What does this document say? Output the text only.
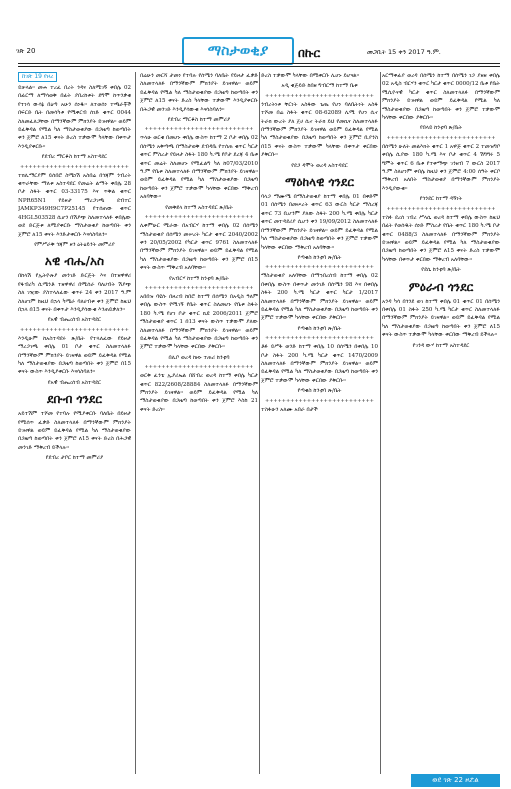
ገጽ 20	ማስታወቂያ	በኩር	መጋቢት 15 ቀን 2017 ዓ.ም.
ከገጽ 19 የዞረ

ይቻላል። መሐ ተረፈ በረት ጎዳና ስለሚገኝ ቀበሌ 02 በፊርማ ለማሳወቅ በፊት ያበረከቱት ደግሞ ከጥንቃቄ የተነሳ ውሳኔ በዕጣ አሁን ሰነዱ። ለተወሰነ ተጫራቾች በፍርድ ቤት በመሳካቱ የሚቀርብ ሰነድ ቁጥር 0044 ስለመፈለጋቸው በማንኛውም ምክንያት ይገዛዋል። ወይም ይፈቅዳል የሚል ካለ ማስታወቂያው በጋዜጣ ከወጣበት ቀን ጀምሮ ለ15 ቀናት ድረስ ተቃውሞ ካላቸው በቀጥታ እንዲያቀርቡ።

የደብረ ማርቆስ ከተማ አስተዳደር
++++++++++++++++++++++++++

ተክሊማርያም ይሰበሮ ስሜነሽ አስበሬ በጎጃም ንብረት ቁጥራቸው ማለቱ አስተዳደር የመሬት ልማት ቀበሌ 28 ቦታ ስፋት ቁጥር 03-33175 እና ጥቅል ቁጥር NPR65N1 የይዞታ ማረጋገጫ ደብተር JAMKP349H9C7P25145 የተሰጠው ቁጥር 4HGL503528 ሲሆን በሽያጭ ስለመተላለፉ ቀበሌው ወደ ድርጅቱ ለሚያቀርቡ ማስታወቂያ ከወጣበት ቀን ጀምሮ ለ15 ቀናት እንድታቀርቡ እናሳስባለን።

የምሥራቅ ጎጃም ዞን ዕትዕይንት መምሪያ
አዊ ብሔ/አስ

በከላሽ የኢትዮጵያ መንገድ ድርጅት እና በተዘዋዋሪ የፋብሪካ ሲሜንቶ ተዘዋዋሪ በሚሰራ ባለሀብት ሽያጭ ስለ ገዢው ያስተላለፈው ቁጥሩ 24 ቀን 2017 ዓ.ም ስለሆነም ከዚህ በኋላ ካሜራ ባለሀብቱ ቀን ጀምሮ ከዚህ በኋላ በ15 ቀናት በቀጥታ እንዲያሳውቁ እንጠይቃለን።

የአዊ ብሔረሰብ አስተዳደር
++++++++++++++++++++++++++

እንዲሁም ከአስተዳደሩ ጽ/ቤት የተላለፈው የይዞታ ማረጋገጫ ቀበሌ 01 ቦታ ቁጥር ስለመተላለፉ በማንኛውም ምክንያት ይገዛዋል ወይም ይፈቅዳል የሚል ካለ ማስታወቂያው በጋዜጣ ከወጣበት ቀን ጀምሮ በ15 ቀናት ውስጥ እንዲያቀርቡ እናሳስባለን።

የአዊ ብሔረሰብ አስተዳደር
ደቡብ ጎንደር

አይተሽም ተሾመ የተባሉ የሚያቀርቡ ባለቤት በይዞታ የሚሰጥ ፈቃድ ስለመተላለፉ በማንኛውም ምክንያት ይገዛዋል ወይም ይፈቅዳል የሚል ካለ ማስታወቂያው በጋዜጣ ከወጣበት ቀን ጀምሮ ለ15 ቀናት ድረስ በሕጋዊ መንገድ ማቅረብ ይችላሉ።

የደብረ ታቦር ከተማ መምሪያ

በሬሁን መርሻ ታመነ የተባሉ የሰሜን ባለቤት የይዞታ ፈቃድ ስለመተላለፉ በማንኛውም ምክንያት ይገዛዋል። ወይም ይፈቅዳል የሚል ካለ ማስታወቂያው በጋዜጣ ከወጣበት ቀን ጀምሮ ለ15 ቀናት ድረስ ካላቸው ተቃውሞ እንዲያቀርቡ በሕጋዊ መንገድ እንዲያሳውቁ እናሳስባለን።

የደብረ ማርቆስ ከተማ መምሪያ
++++++++++++++++++++++++++

ጥላሁ ወርቁ በመሆኑ ቀበሌ ውስጥ ከተማ 2 ቦታ ቀበሌ 02 በሰሜን አቅጣጫ በማስታወቅ ደብዳቤ የተሰጠ ቁጥር ካርታ ቁጥር ምስረታ የይዞታ ስፋት 180 ካ.ሜ የቦታ ደረጃ 4 ቤቱ ቁጥር መሬት ስለመሆኑ የሚፈልግ ካለ ከ07/03/2010 ዓ.ም የቤቱ ስለመተላለፉ በማንኛውም ምክንያት ይገዛዋል። ወይም ይፈቅዳል የሚል ካለ ማስታወቂያው በጋዜጣ ከወጣበት ቀን ጀምሮ ተቃውሞ ካላቸው ቀርበው ማቅረብ አለባቸው።

የመቅደላ ከተማ አስተዳደር ጽ/ቤት
++++++++++++++++++++++++++

ሊቀምሁር ሚራው በአብርሃ ከተማ ቀበሌ 02 በሰሜን ማስታወቂያ በሰሜን መሠረት ካርታ ቁጥር 2040/2002 ቀን 20/05/2002 የካርታ ቁጥር 9761 ስለመተላለፉ በማንኛውም ምክንያት ይገዛዋል። ወይም ይፈቅዳል የሚል ካለ ማስታወቂያው በጋዜጣ ከወጣበት ቀን ጀምሮ በ15 ቀናት ውስጥ ማቅረብ አለባቸው።

የአብርሃ ከተማ ከንቲባ ጽ/ቤት
++++++++++++++++++++++++++

አበበዝ ባዩሱ በዞረብ ከበሮ ከተማ በሰሜን በአዲስ ዓለም ቀበሌ ውስጥ የሚገኝ የቤት ቁጥር ስለመሆኑ የቤቱ ስፋት 180 ካ.ሜ የሆነ ቦታ ቁጥር ኪዩ 2006/2011 ጀምሮ ማስታወቂያ ቁጥር 1 በ13 ቀናት ውስጥ ተቃውሞ ያለው ስለመተላለፉ በማንኛውም ምክንያት ይገዛዋል። ወይም ይፈቅዳል የሚል ካለ ማስታወቂያው በጋዜጣ ከወጣበት ቀን ጀምሮ ተቃውሞ ካላቸው ቀርበው ያቅርቡ።

በሊቦ ወረዳ ከዞኑ ተጠሪ ከንቲባ
++++++++++++++++++++++++++

ወርቅ ፈንቴ ኢያሪኤል በሸብረ ወረዳ ከተማ ቀበሌ ካርታ ቁጥር 822/2608/28884 ስለመተላለፉ በማንኛውም ምክንያት ይገዛዋል። ወይም ይፈቅዳል የሚል ካለ ማስታወቂያው በጋዜጣ ከወጣበት ቀን ጀምሮ እስከ 21 ቀናት ድረስ።

ድረስ ተቃውሞ ካላቸው በሚቀርቡ ሊሆኑ ይሆናል።

አዲ ቁጅይድ ከበዘ ግብርማ ከተማ ቤቱ
++++++++++++++++++++++++++

ንብረትነቱ ቸርነት አስፋው ጌጤ የሆነ ባለቤትነት አስፋ ተሾመ በሬ ስፋት ቁጥር 08-62089 ሊሚ የሆነ ሲኖ ትራክ ውረት ያለ ጀሀ ሲኖ ትራክ ይህ የመኪና ስለመተላለፉ በማንኛውም ምክንያት ይገዛዋል ወይም ይፈቅዳል የሚል ካለ ማስታወቂያው በጋዜጣ ከወጣበት ቀን ጀምሮ ቢያንስ በ15 ቀናት ውስጥ ተቃውሞ ካላቸው በቀጥታ ቀርበው ያቅርቡ።

የደጋ ዳሞት ወረዳ አስተዳደር
ማዕከላዊ ጎንደር

ባላጋ ማሙሜ በማስታወቂያ ከተማ ቀበሌ 01 በቀድሞ 01 በሰሜን በመሠረት ቁጥር 63 ውርስ ካርታ ማስረጃ ቁጥር 73 ቢሆንም ያለው ስፋት 200 ካ.ሜ ቀበሌ ካርታ ቁጥር መተዳደሪያ ሲሆን ቀን 19/09/2012 ስለመተላለፉ በማንኛውም ምክንያት ይገዛዋል። ወይም ይፈቅዳል የሚል ካለ ማስታወቂያው በጋዜጣ ከወጣበት ቀን ጀምሮ ተቃውሞ ካላቸው ቀርበው ማቅረብ አለባቸው።

የጣቁስ ከንቲባ ጽ/ቤት
++++++++++++++++++++++++++

ማስታወቂያ አለባቸው በማኅበረሰብ ከተማ ቀበሌ 02 በቀበሌ ውስጥ በቀጥታ መንገድ በሰሜን 98 እና በቀበሌ ስፋት 200 ካ.ሜ ካርታ ቁጥር ካርታ 1/2017 ስለመተላለፉ በማንኛውም ምክንያት ይገዛዋል። ወይም ይፈቅዳል የሚል ካለ ማስታወቂያው በጋዜጣ ከወጣበት ቀን ጀምሮ ተቃውሞ ካላቸው ቀርበው ያቅርቡ።

የጣቁስ ከንቲባ ጽ/ቤት
++++++++++++++++++++++++++

ቶፉ ይሥፋ ወንድ ከተማ ቀበሌ 10 በሰሜን በቀበሌ 10 ቦታ ስፋት 200 ካ.ሜ ካርታ ቁጥር 1470/2009 ስለመተላለፉ በማንኛውም ምክንያት ይገዛዋል። ወይም ይፈቅዳል የሚል ካለ ማስታወቂያው በጋዜጣ ከወጣበት ቀን ጀምሮ ተቃውሞ ካላቸው ቀርበው ያቅርቡ።

የጣቁስ ከንቲባ ጽ/ቤት
++++++++++++++++++++++++++

ተስፋሁን አለሙ አበራ በታች

አርማቀፊያ ወረዳ በሰሜን ከተማ በሰሜን ነጋ ያዘዘ ቀበሌ 02 አዲስ ብርሃን ቁጥር ካርታ ቁጥር 0000/12 ቤቱ የቤት ሚሲዮናዊ ካርታ ቁጥር ስለመተላለፉ በማንኛውም ምክንያት ይገዛዋል ወይም ይፈቅዳል የሚል ካለ ማስታወቂያው በጋዜጣ ከወጣበት ቀን ጀምሮ ተቃውሞ ካላቸው ቀርበው ያቅርቡ።

የበላይ ከንቲባ ጽ/ቤት
++++++++++++++++++++++++++

በሰሜን ሁለት መልእክት ቁጥር 1 አዋጅ ቁጥር 2 ተመዝግቦ ቀበሌ ሲያው 180 ካ.ሜ እና ቦታ ቁጥር 4 ሽግግሩ 5 ግምት ቁጥር 6 ቤቱ የተቀማጭ ገንዘብ 7 ውርስ 2017 ዓ.ም ስለሆነም ቀበሌ ከዚህ ቀን ጀምሮ 4:00 ሰዓት ቀርቦ ማቅረብ አለበት ማስታወቂያ በማንኛውም ምክንያት እንዲያውቁ።

የጎንደር ከተማ ዳኝነት
++++++++++++++++++++++++++

ተስፉ ደረሰ ገብረ ሥላሴ ወረዳ ከተማ ቀበሌ ውስጥ ከዚህ በፊት የወሰዱት ሰነድ ምስረታ የቤት ቁጥር 180 ካ.ሜ ቦታ ቁጥር 0488/3 ስለመተላለፉ በማንኛውም ምክንያት ይገዛዋል። ወይም ይፈቅዳል የሚል ካለ ማስታወቂያው በጋዜጣ ከወጣበት ቀን ጀምሮ ለ15 ቀናት ድረስ ተቃውሞ ካላቸው በቀጥታ ቀርበው ማቅረብ አለባቸው።

የደሴ ከንቲባ ጽ/ቤት
ምዕራብ ጎንደር

አንዳ ካሳ በጎንደ ወገ ከተማ ቀበሌ 01 ቁጥር 01 በሰሜን በቀበሌ 01 ስፋት 250 ካ.ሜ ካርታ ቁጥር ስለመተላለፉ በማንኛውም ምክንያት ይገዛዋል። ወይም ይፈቅዳል የሚል ካለ ማስታወቂያው በጋዜጣ ከወጣበት ቀን ጀምሮ ለ15 ቀናት ውስጥ ተቃውሞ ካላቸው ቀርበው ማቅረብ ይችላሉ።

የገንዳ ውሃ ከተማ አስተዳደር
ወደ ገጽ 22 ዞሯል
